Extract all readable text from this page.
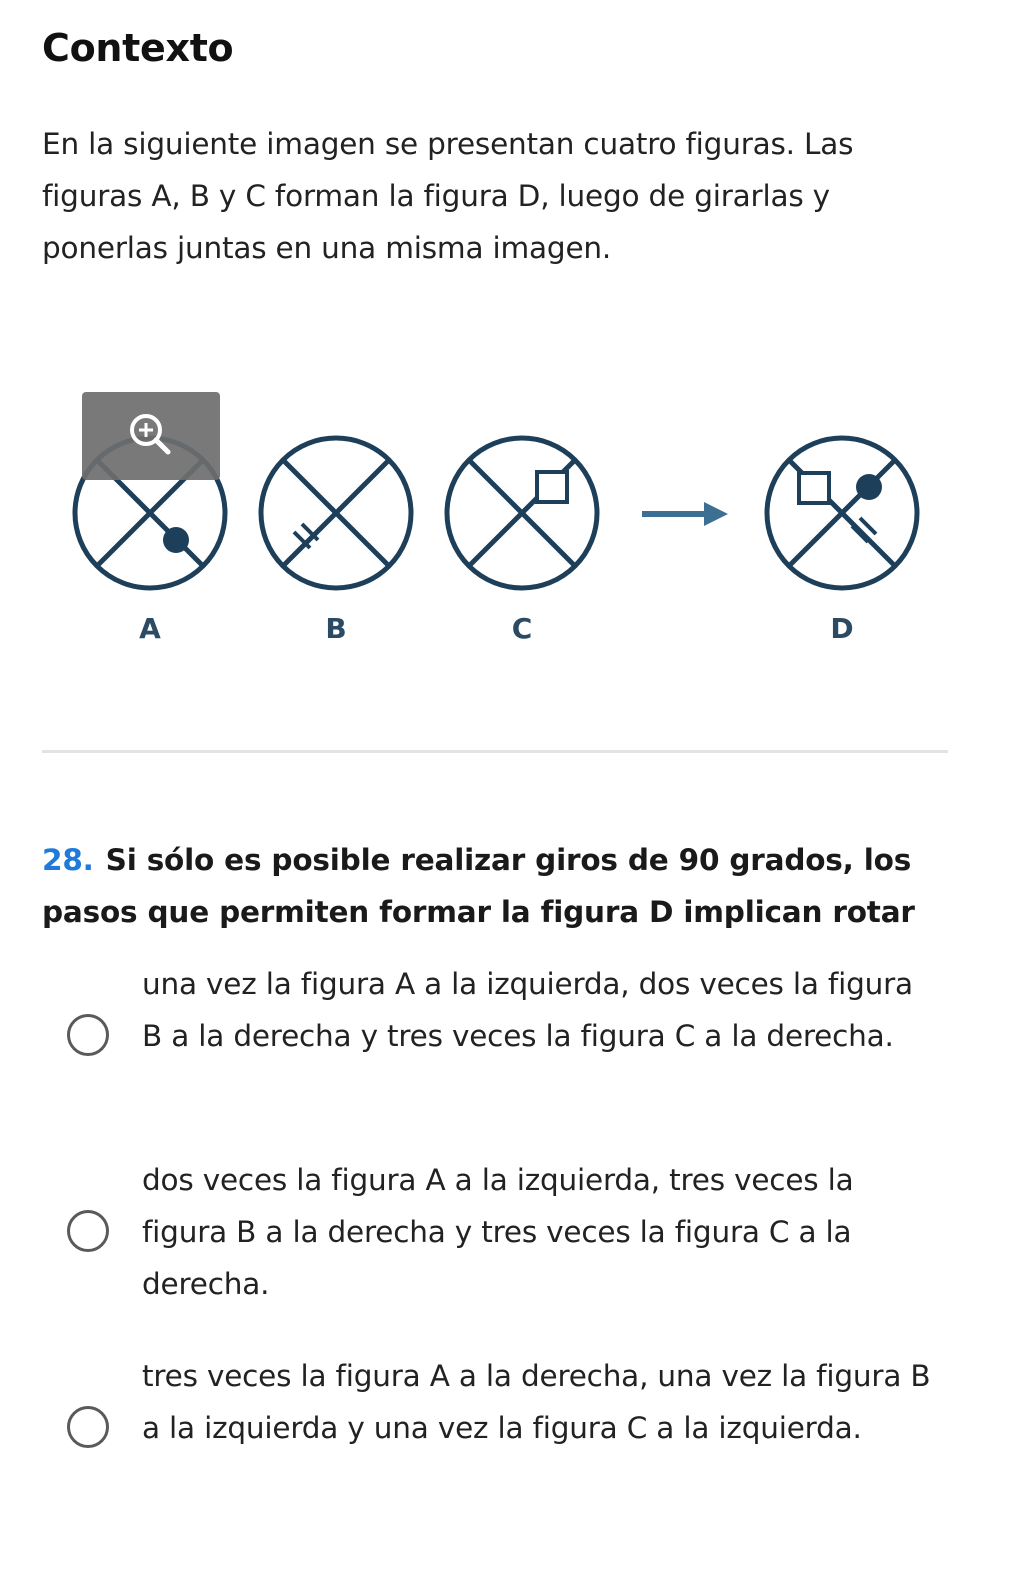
Contexto

En la siguiente imagen se presentan cuatro figuras. Las figuras A, B y C forman la figura D, luego de girarlas y ponerlas juntas en una misma imagen.

A	B	C	D

28. Si sólo es posible realizar giros de 90 grados, los pasos que permiten formar la figura D implican rotar

una vez la figura A a la izquierda, dos veces la figura B a la derecha y tres veces la figura C a la derecha.

dos veces la figura A a la izquierda, tres veces la figura B a la derecha y tres veces la figura C a la derecha.

tres veces la figura A a la derecha, una vez la figura B a la izquierda y una vez la figura C a la izquierda.
